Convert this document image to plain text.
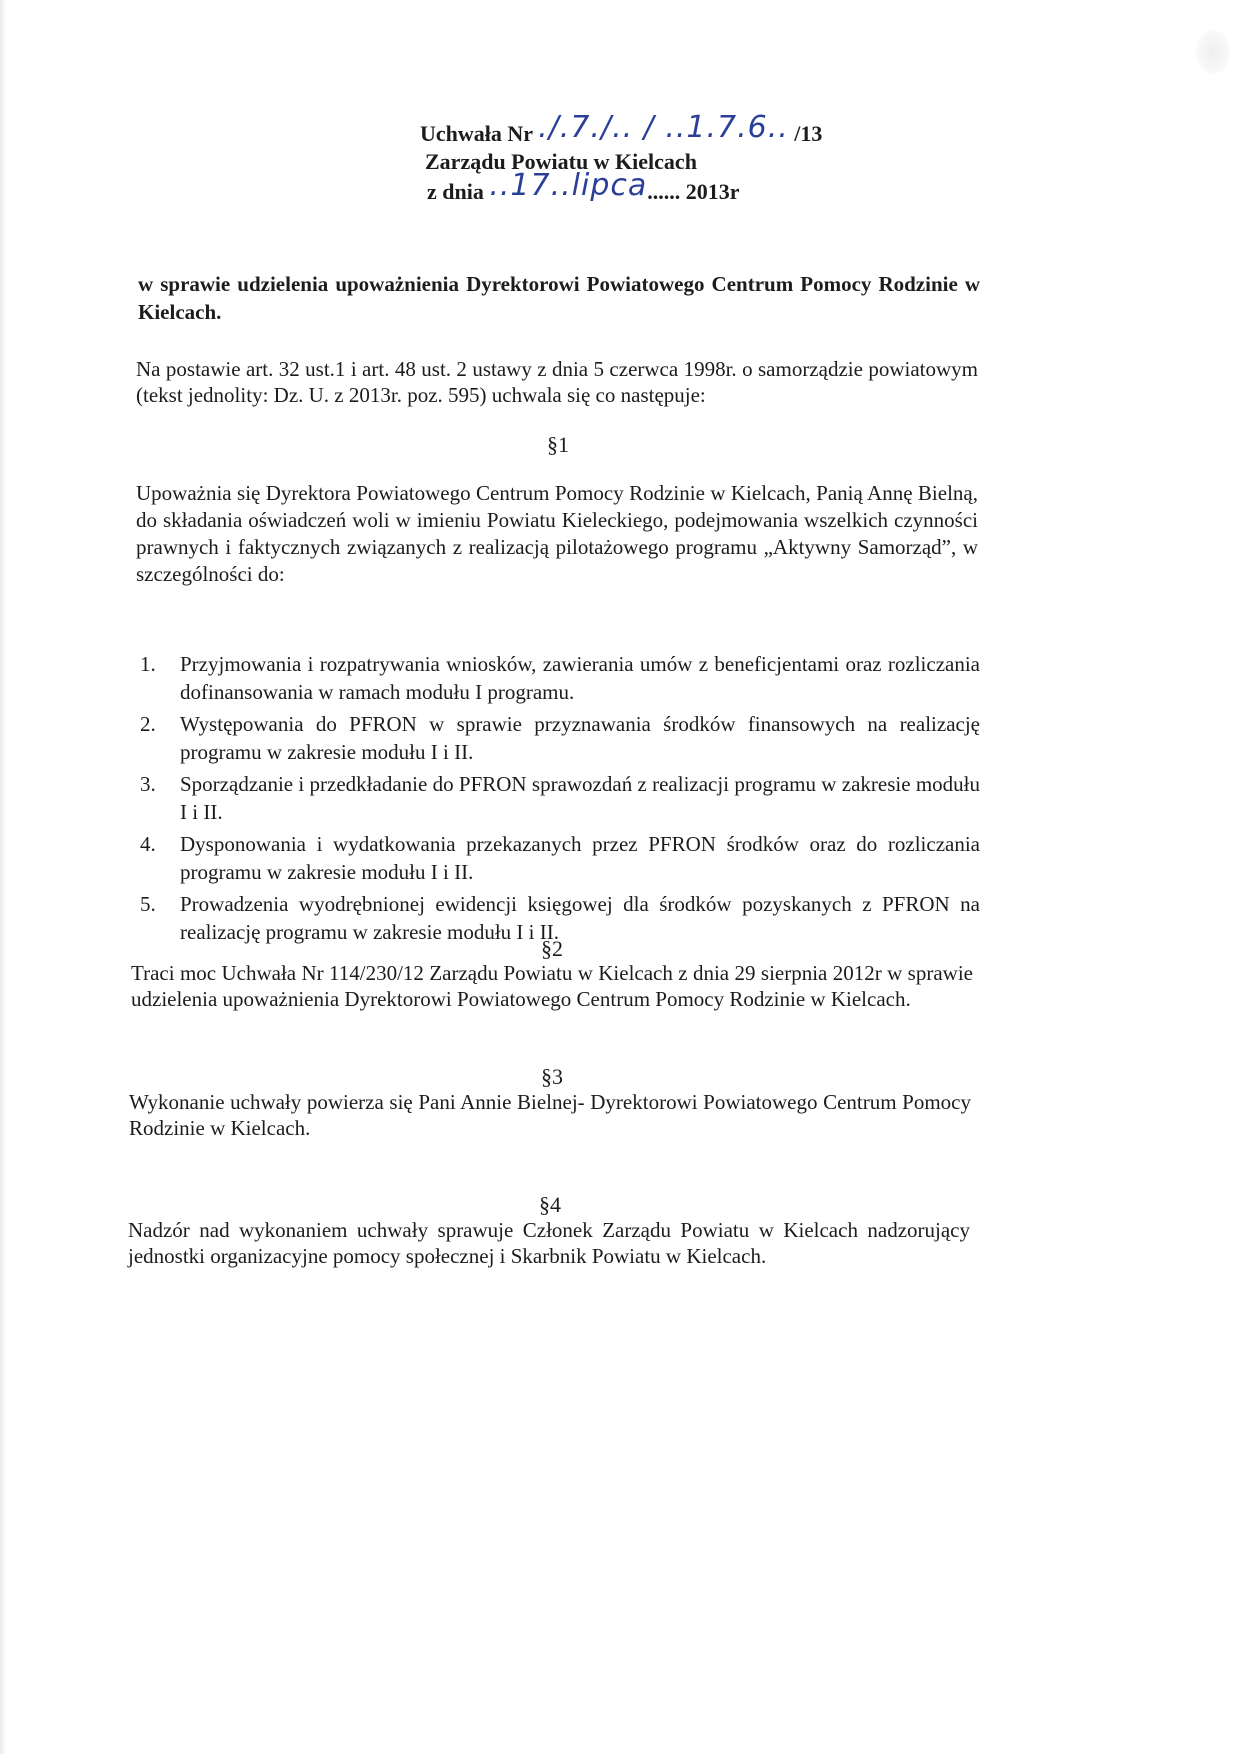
Uchwała Nr ./.7./.. / ..1.7.6.. /13
Zarządu Powiatu w Kielcach
z dnia ..17..lipca...... 2013r
w sprawie udzielenia upoważnienia Dyrektorowi Powiatowego Centrum Pomocy Rodzinie w Kielcach.
Na postawie art. 32 ust.1 i art. 48 ust. 2 ustawy z dnia 5 czerwca 1998r. o samorządzie powiatowym (tekst jednolity: Dz. U. z 2013r. poz. 595) uchwala się co następuje:
§1
Upoważnia się Dyrektora Powiatowego Centrum Pomocy Rodzinie w Kielcach, Panią Annę Bielną, do składania oświadczeń woli w imieniu Powiatu Kieleckiego, podejmowania wszelkich czynności prawnych i faktycznych związanych z realizacją pilotażowego programu „Aktywny Samorząd”, w szczególności do:
1.	Przyjmowania i rozpatrywania wniosków, zawierania umów z beneficjentami oraz rozliczania dofinansowania w ramach modułu I programu.
2.	Występowania do PFRON w sprawie przyznawania środków finansowych na realizację programu w zakresie modułu I i II.
3.	Sporządzanie i przedkładanie do PFRON sprawozdań z realizacji programu w zakresie modułu I i II.
4.	Dysponowania i wydatkowania przekazanych przez PFRON środków oraz do rozliczania programu w zakresie modułu I i II.
5.	Prowadzenia wyodrębnionej ewidencji księgowej dla środków pozyskanych z PFRON na realizację programu w zakresie modułu I i II.
§2
Traci moc Uchwała Nr 114/230/12 Zarządu Powiatu w Kielcach z dnia 29 sierpnia 2012r w sprawie udzielenia upoważnienia Dyrektorowi Powiatowego Centrum Pomocy Rodzinie w Kielcach.
§3
Wykonanie uchwały powierza się Pani Annie Bielnej- Dyrektorowi Powiatowego Centrum Pomocy Rodzinie w Kielcach.
§4
Nadzór nad wykonaniem uchwały sprawuje Członek Zarządu Powiatu w Kielcach nadzorujący jednostki organizacyjne pomocy społecznej i Skarbnik Powiatu w Kielcach.
